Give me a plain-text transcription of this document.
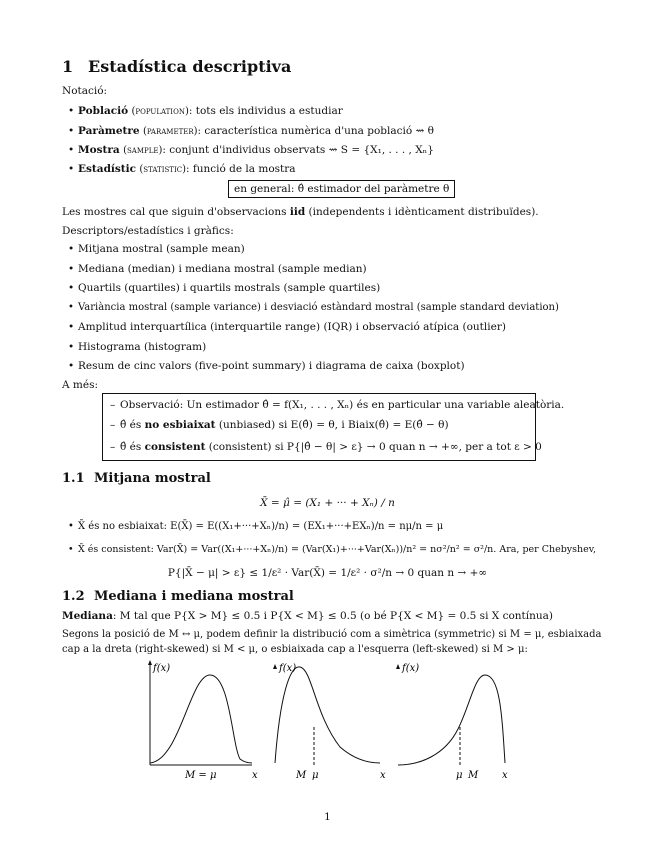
1 Estadística descriptiva
Notació:
• Població (population): tots els individus a estudiar
• Paràmetre (parameter): característica numèrica d'una població ⇝ θ
• Mostra (sample): conjunt d'individus observats ⇝ S = {X₁, . . . , Xₙ}
• Estadístic (statistic): funció de la mostra
en general: θ̂ estimador del paràmetre θ
Les mostres cal que siguin d'observacions iid (independents i idènticament distribuïdes).
Descriptors/estadístics i gràfics:
• Mitjana mostral (sample mean)
• Mediana (median) i mediana mostral (sample median)
• Quartils (quartiles) i quartils mostrals (sample quartiles)
• Variància mostral (sample variance) i desviació estàndard mostral (sample standard deviation)
• Amplitud interquartílica (interquartile range) (IQR) i observació atípica (outlier)
• Histograma (histogram)
• Resum de cinc valors (five-point summary) i diagrama de caixa (boxplot)
A més:
– Observació: Un estimador θ̂ = f(X₁, . . . , Xₙ) és en particular una variable aleatòria.
– θ̂ és no esbiaixat (unbiased) si E(θ̂) = θ, i Biaix(θ̂) = E(θ̂ − θ)
– θ̂ és consistent (consistent) si P{|θ̂ − θ| > ε} → 0 quan n → +∞, per a tot ε > 0
1.1 Mitjana mostral
X̄ = μ̂ = (X₁ + ··· + Xₙ) / n
• X̄ és no esbiaixat: E(X̄) = E((X₁+···+Xₙ)/n) = (EX₁+···+EXₙ)/n = nμ/n = μ
• X̄ és consistent: Var(X̄) = Var((X₁+···+Xₙ)/n) = (Var(X₁)+···+Var(Xₙ))/n² = nσ²/n² = σ²/n. Ara, per Chebyshev,
P{|X̄ − μ| > ε} ≤ 1/ε² · Var(X̄) = 1/ε² · σ²/n → 0 quan n → +∞
1.2 Mediana i mediana mostral
Mediana: M tal que P{X > M} ≤ 0.5 i P{X < M} ≤ 0.5 (o bé P{X < M} = 0.5 si X contínua)
Segons la posició de M ↔ μ, podem definir la distribució com a simètrica (symmetric) si M = μ, esbiaixada
cap a la dreta (right-skewed) si M < μ, o esbiaixada cap a l'esquerra (left-skewed) si M > μ:
f(x)
M = μ	x
f(x)
M μ	x
f(x)
μ M x
1
